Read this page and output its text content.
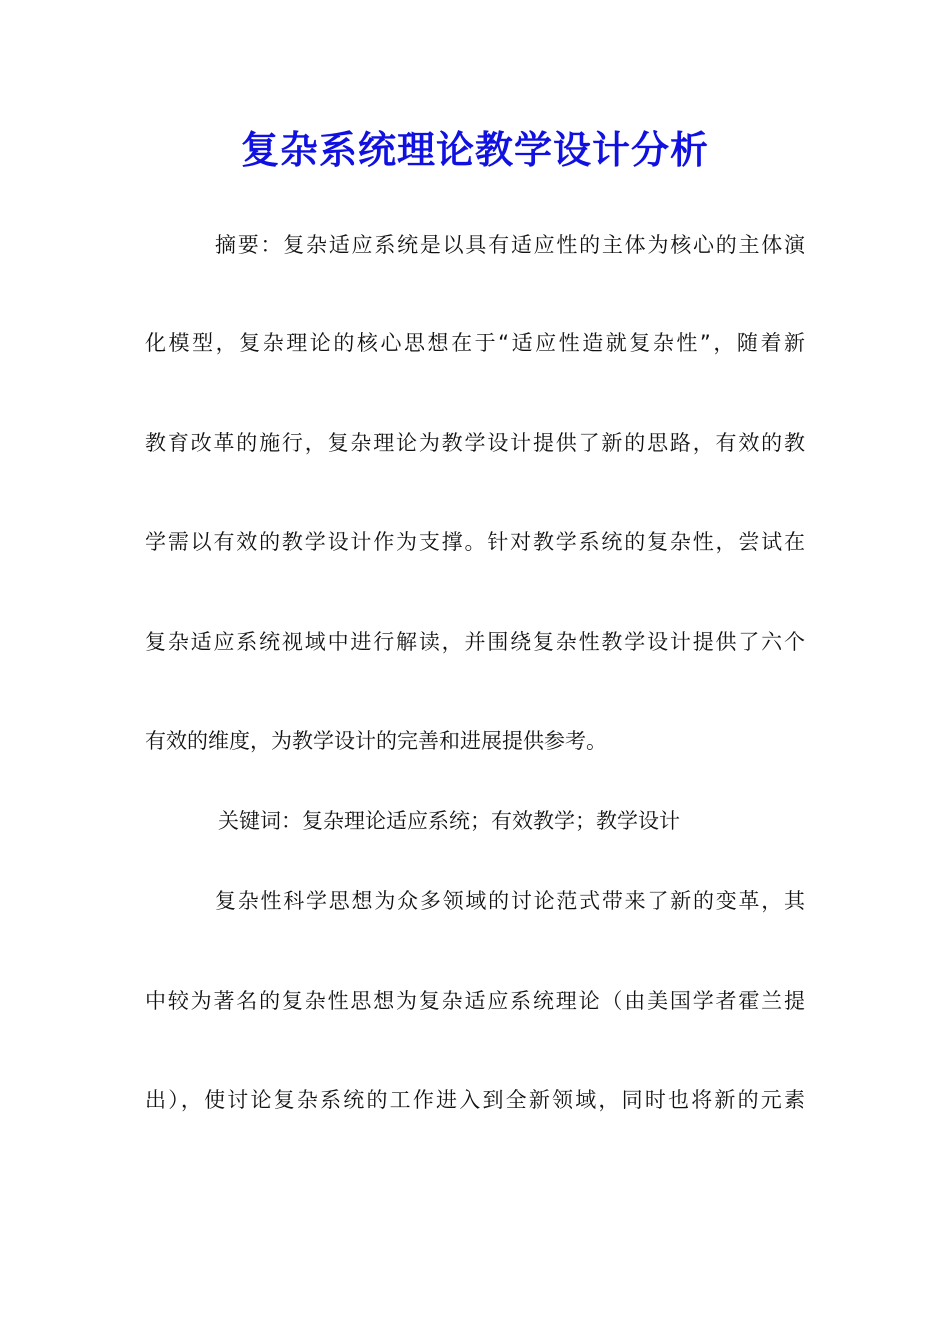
复杂系统理论教学设计分析
摘要：复杂适应系统是以具有适应性的主体为核心的主体演
化模型，复杂理论的核心思想在于“适应性造就复杂性”，随着新
教育改革的施行，复杂理论为教学设计提供了新的思路，有效的教
学需以有效的教学设计作为支撑。针对教学系统的复杂性，尝试在
复杂适应系统视域中进行解读，并围绕复杂性教学设计提供了六个
有效的维度，为教学设计的完善和进展提供参考。
关键词：复杂理论适应系统；有效教学；教学设计
复杂性科学思想为众多领域的讨论范式带来了新的变革，其
中较为著名的复杂性思想为复杂适应系统理论（由美国学者霍兰提
出），使讨论复杂系统的工作进入到全新领域，同时也将新的元素
